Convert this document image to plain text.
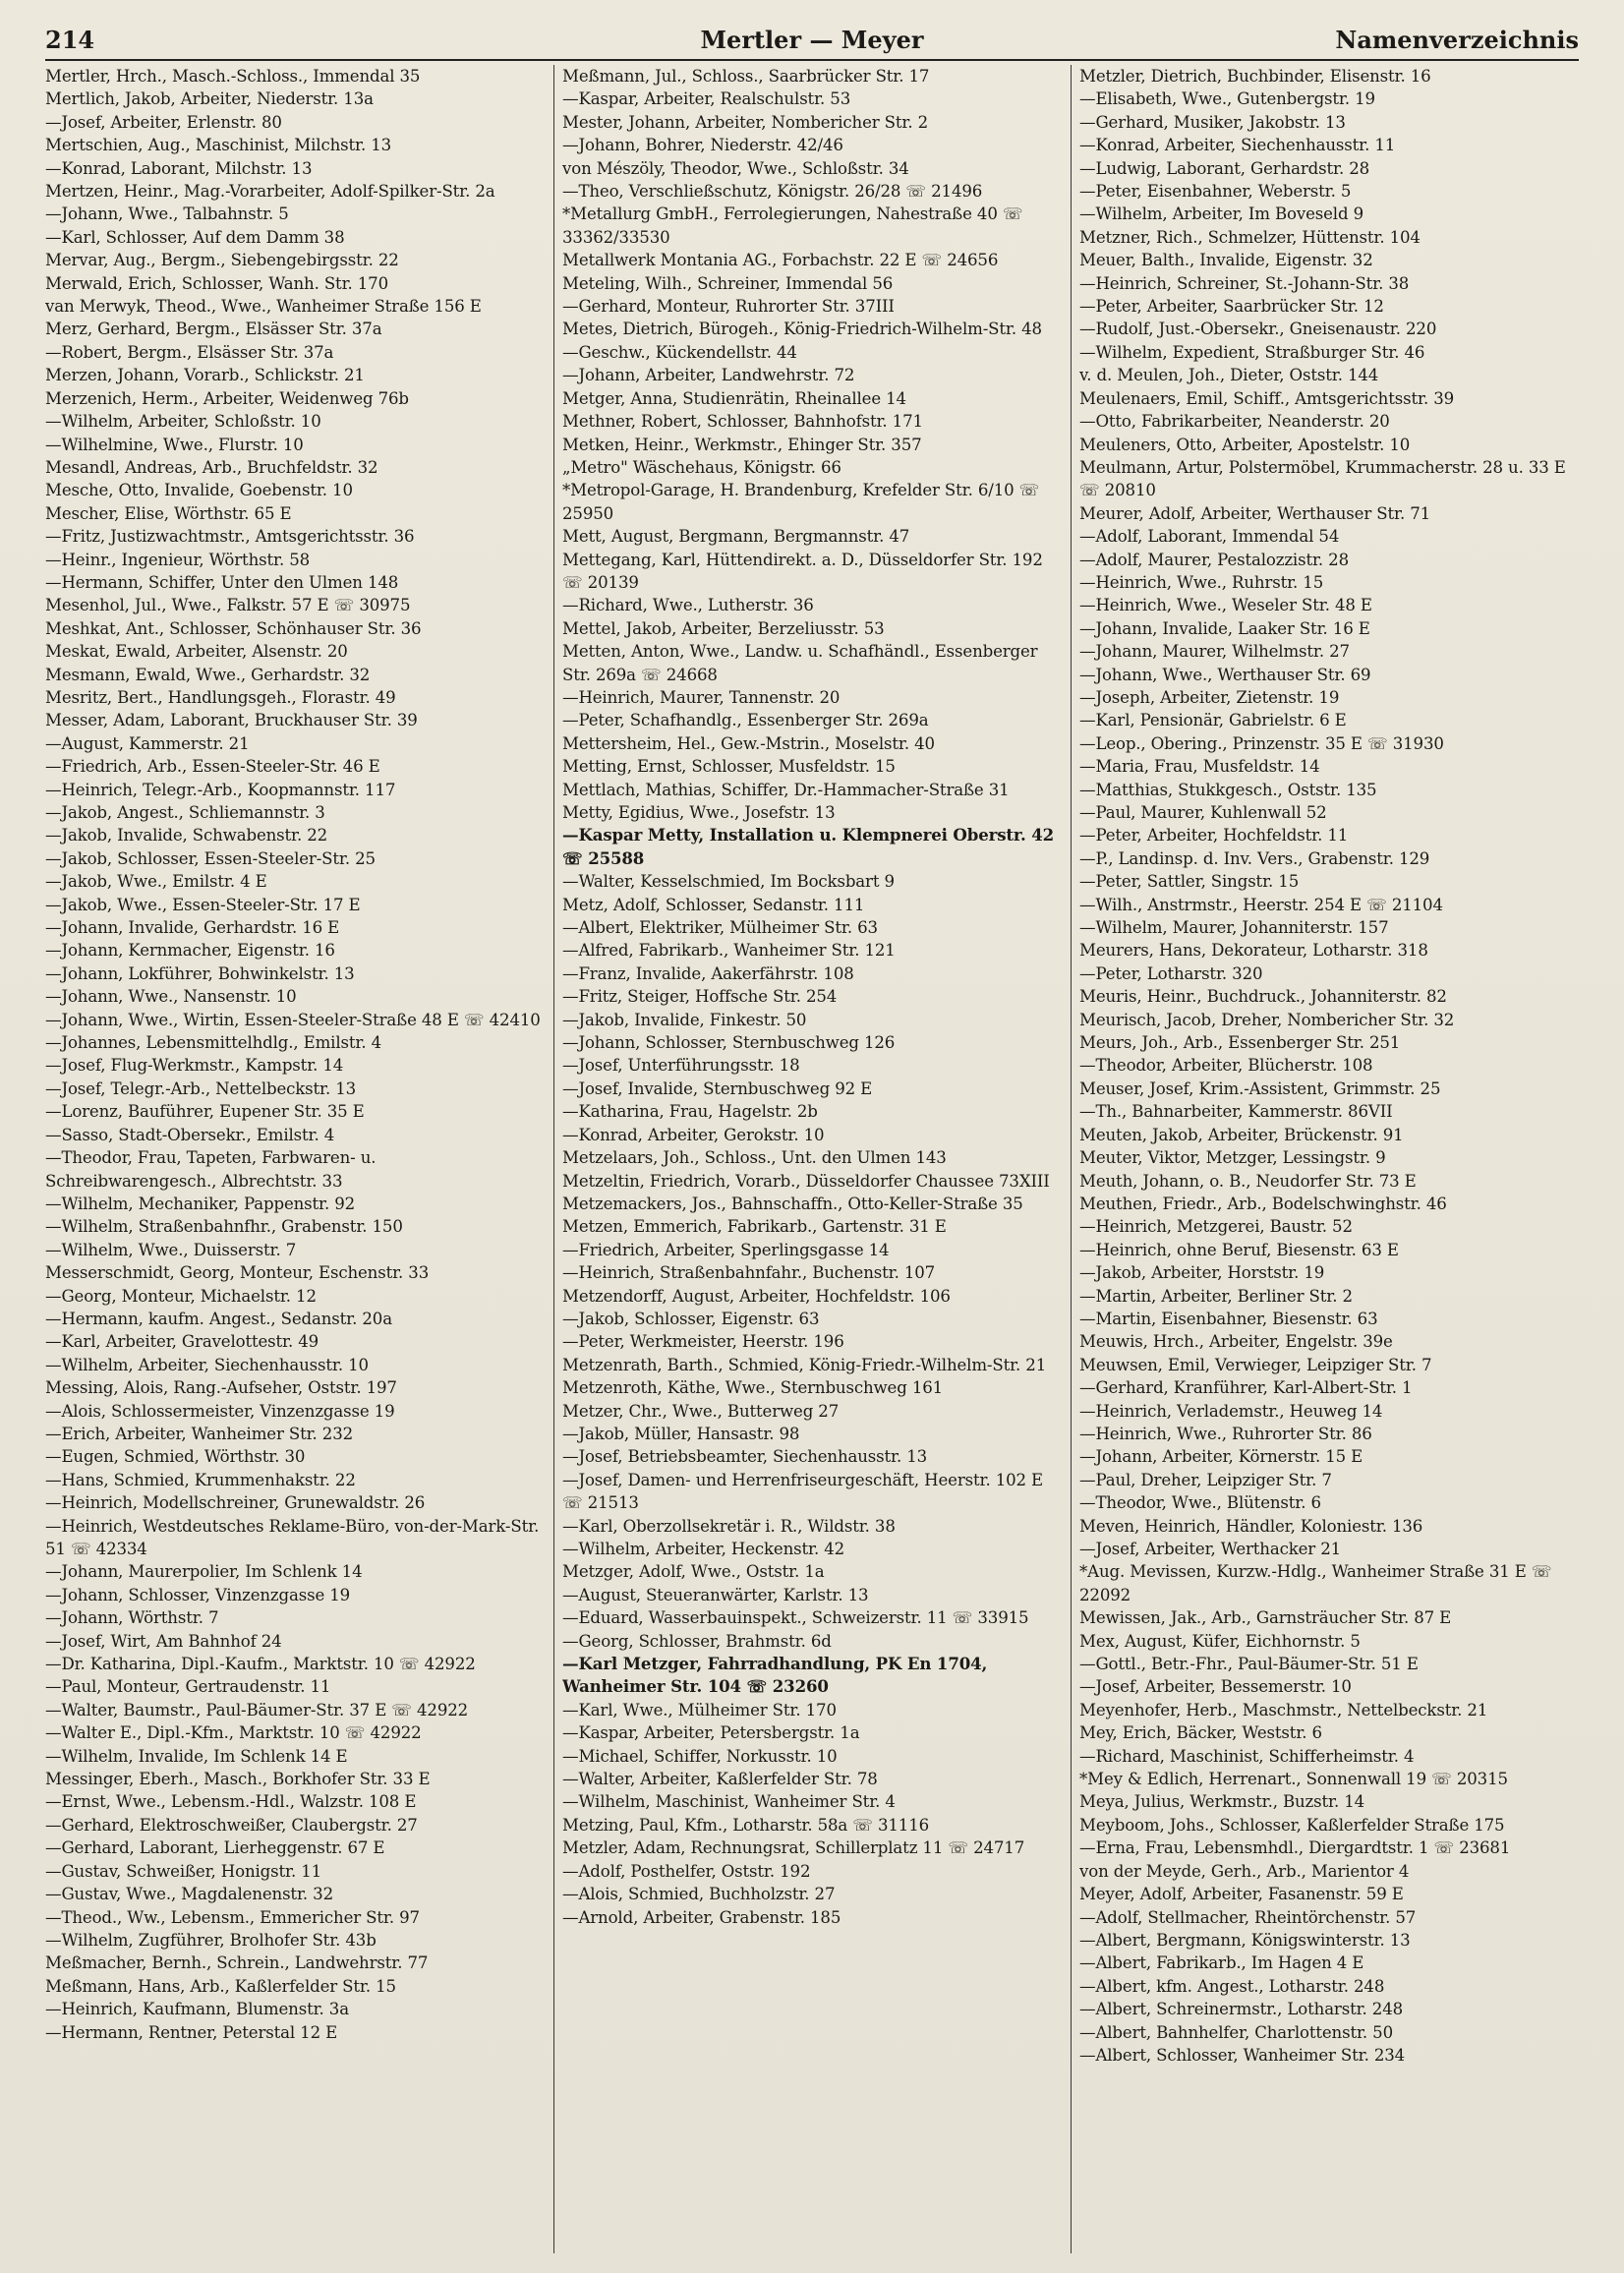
214	Mertler — Meyer	Namenverzeichnis
Mertler, Hrch., Masch.-Schloss., Immendal 35
Mertlich, Jakob, Arbeiter, Niederstr. 13a
—Josef, Arbeiter, Erlenstr. 80
Mertschien, Aug., Maschinist, Milchstr. 13
—Konrad, Laborant, Milchstr. 13
Mertzen, Heinr., Mag.-Vorarbeiter, Adolf-Spilker-Str. 2a
—Johann, Wwe., Talbahnstr. 5
—Karl, Schlosser, Auf dem Damm 38
Mervar, Aug., Bergm., Siebengebirgsstr. 22
Merwald, Erich, Schlosser, Wanh. Str. 170
van Merwyk, Theod., Wwe., Wanheimer Straße 156 E
Merz, Gerhard, Bergm., Elsässer Str. 37a
—Robert, Bergm., Elsässer Str. 37a
Merzen, Johann, Vorarb., Schlickstr. 21
Merzenich, Herm., Arbeiter, Weidenweg 76b
—Wilhelm, Arbeiter, Schloßstr. 10
—Wilhelmine, Wwe., Flurstr. 10
Mesandl, Andreas, Arb., Bruchfeldstr. 32
Mesche, Otto, Invalide, Goebenstr. 10
Mescher, Elise, Wörthstr. 65 E
—Fritz, Justizwachtmstr., Amtsgerichtsstr. 36
—Heinr., Ingenieur, Wörthstr. 58
—Hermann, Schiffer, Unter den Ulmen 148
Mesenhol, Jul., Wwe., Falkstr. 57 E ☏ 30975
Meshkat, Ant., Schlosser, Schönhauser Str. 36
Meskat, Ewald, Arbeiter, Alsenstr. 20
Mesmann, Ewald, Wwe., Gerhardstr. 32
Mesritz, Bert., Handlungsgeh., Florastr. 49
Messer, Adam, Laborant, Bruckhauser Str. 39
—August, Kammerstr. 21
—Friedrich, Arb., Essen-Steeler-Str. 46 E
—Heinrich, Telegr.-Arb., Koopmannstr. 117
—Jakob, Angest., Schliemannstr. 3
—Jakob, Invalide, Schwabenstr. 22
—Jakob, Schlosser, Essen-Steeler-Str. 25
—Jakob, Wwe., Emilstr. 4 E
—Jakob, Wwe., Essen-Steeler-Str. 17 E
—Johann, Invalide, Gerhardstr. 16 E
—Johann, Kernmacher, Eigenstr. 16
—Johann, Lokführer, Bohwinkelstr. 13
—Johann, Wwe., Nansenstr. 10
—Johann, Wwe., Wirtin, Essen-Steeler-Straße 48 E ☏ 42410
—Johannes, Lebensmittelhdlg., Emilstr. 4
—Josef, Flug-Werkmstr., Kampstr. 14
—Josef, Telegr.-Arb., Nettelbeckstr. 13
—Lorenz, Bauführer, Eupener Str. 35 E
—Sasso, Stadt-Obersekr., Emilstr. 4
—Theodor, Frau, Tapeten, Farbwaren- u. Schreibwarengesch., Albrechtstr. 33
—Wilhelm, Mechaniker, Pappenstr. 92
—Wilhelm, Straßenbahnfhr., Grabenstr. 150
—Wilhelm, Wwe., Duisserstr. 7
Messerschmidt, Georg, Monteur, Eschenstr. 33
—Georg, Monteur, Michaelstr. 12
—Hermann, kaufm. Angest., Sedanstr. 20a
—Karl, Arbeiter, Gravelottestr. 49
—Wilhelm, Arbeiter, Siechenhausstr. 10
Messing, Alois, Rang.-Aufseher, Oststr. 197
—Alois, Schlossermeister, Vinzenzgasse 19
—Erich, Arbeiter, Wanheimer Str. 232
—Eugen, Schmied, Wörthstr. 30
—Hans, Schmied, Krummenhakstr. 22
—Heinrich, Modellschreiner, Grunewaldstr. 26
—Heinrich, Westdeutsches Reklame-Büro, von-der-Mark-Str. 51 ☏ 42334
—Johann, Maurerpolier, Im Schlenk 14
—Johann, Schlosser, Vinzenzgasse 19
—Johann, Wörthstr. 7
—Josef, Wirt, Am Bahnhof 24
—Dr. Katharina, Dipl.-Kaufm., Marktstr. 10 ☏ 42922
—Paul, Monteur, Gertraudenstr. 11
—Walter, Baumstr., Paul-Bäumer-Str. 37 E ☏ 42922
—Walter E., Dipl.-Kfm., Marktstr. 10 ☏ 42922
—Wilhelm, Invalide, Im Schlenk 14 E
Messinger, Eberh., Masch., Borkhofer Str. 33 E
—Ernst, Wwe., Lebensm.-Hdl., Walzstr. 108 E
—Gerhard, Elektroschweißer, Claubergstr. 27
—Gerhard, Laborant, Lierheggenstr. 67 E
—Gustav, Schweißer, Honigstr. 11
—Gustav, Wwe., Magdalenenstr. 32
—Theod., Ww., Lebensm., Emmericher Str. 97
—Wilhelm, Zugführer, Brolhofer Str. 43b
Meßmacher, Bernh., Schrein., Landwehrstr. 77
Meßmann, Hans, Arb., Kaßlerfelder Str. 15
—Heinrich, Kaufmann, Blumenstr. 3a
—Hermann, Rentner, Peterstal 12 E
Meßmann, Jul., Schloss., Saarbrücker Str. 17
—Kaspar, Arbeiter, Realschulstr. 53
Mester, Johann, Arbeiter, Nombericher Str. 2
—Johann, Bohrer, Niederstr. 42/46
von Mészöly, Theodor, Wwe., Schloßstr. 34
—Theo, Verschließschutz, Königstr. 26/28 ☏ 21496
*Metallurg GmbH., Ferrolegierungen, Nahestraße 40 ☏ 33362/33530
Metallwerk Montania AG., Forbachstr. 22 E ☏ 24656
Meteling, Wilh., Schreiner, Immendal 56
—Gerhard, Monteur, Ruhrorter Str. 37III
Metes, Dietrich, Bürogeh., König-Friedrich-Wilhelm-Str. 48
—Geschw., Kückendellstr. 44
—Johann, Arbeiter, Landwehrstr. 72
Metger, Anna, Studienrätin, Rheinallee 14
Methner, Robert, Schlosser, Bahnhofstr. 171
Metken, Heinr., Werkmstr., Ehinger Str. 357
„Metro" Wäschehaus, Königstr. 66
*Metropol-Garage, H. Brandenburg, Krefelder Str. 6/10 ☏ 25950
Mett, August, Bergmann, Bergmannstr. 47
Mettegang, Karl, Hüttendirekt. a. D., Düsseldorfer Str. 192 ☏ 20139
—Richard, Wwe., Lutherstr. 36
Mettel, Jakob, Arbeiter, Berzeliusstr. 53
Metten, Anton, Wwe., Landw. u. Schafhändl., Essenberger Str. 269a ☏ 24668
—Heinrich, Maurer, Tannenstr. 20
—Peter, Schafhandlg., Essenberger Str. 269a
Mettersheim, Hel., Gew.-Mstrin., Moselstr. 40
Metting, Ernst, Schlosser, Musfeldstr. 15
Mettlach, Mathias, Schiffer, Dr.-Hammacher-Straße 31
Metty, Egidius, Wwe., Josefstr. 13
—Kaspar Metty, Installation u. Klempnerei Oberstr. 42 ☏ 25588
—Walter, Kesselschmied, Im Bocksbart 9
Metz, Adolf, Schlosser, Sedanstr. 111
—Albert, Elektriker, Mülheimer Str. 63
—Alfred, Fabrikarb., Wanheimer Str. 121
—Franz, Invalide, Aakerfährstr. 108
—Fritz, Steiger, Hoffsche Str. 254
—Jakob, Invalide, Finkestr. 50
—Johann, Schlosser, Sternbuschweg 126
—Josef, Unterführungsstr. 18
—Josef, Invalide, Sternbuschweg 92 E
—Katharina, Frau, Hagelstr. 2b
—Konrad, Arbeiter, Gerokstr. 10
Metzelaars, Joh., Schloss., Unt. den Ulmen 143
Metzeltin, Friedrich, Vorarb., Düsseldorfer Chaussee 73XIII
Metzemackers, Jos., Bahnschaffn., Otto-Keller-Straße 35
Metzen, Emmerich, Fabrikarb., Gartenstr. 31 E
—Friedrich, Arbeiter, Sperlingsgasse 14
—Heinrich, Straßenbahnfahr., Buchenstr. 107
Metzendorff, August, Arbeiter, Hochfeldstr. 106
—Jakob, Schlosser, Eigenstr. 63
—Peter, Werkmeister, Heerstr. 196
Metzenrath, Barth., Schmied, König-Friedr.-Wilhelm-Str. 21
Metzenroth, Käthe, Wwe., Sternbuschweg 161
Metzer, Chr., Wwe., Butterweg 27
—Jakob, Müller, Hansastr. 98
—Josef, Betriebsbeamter, Siechenhausstr. 13
—Josef, Damen- und Herrenfriseurgeschäft, Heerstr. 102 E ☏ 21513
—Karl, Oberzollsekretär i. R., Wildstr. 38
—Wilhelm, Arbeiter, Heckenstr. 42
Metzger, Adolf, Wwe., Oststr. 1a
—August, Steueranwärter, Karlstr. 13
—Eduard, Wasserbauinspekt., Schweizerstr. 11 ☏ 33915
—Georg, Schlosser, Brahmstr. 6d
—Karl Metzger, Fahrradhandlung, PK En 1704, Wanheimer Str. 104 ☏ 23260
—Karl, Wwe., Mülheimer Str. 170
—Kaspar, Arbeiter, Petersbergstr. 1a
—Michael, Schiffer, Norkusstr. 10
—Walter, Arbeiter, Kaßlerfelder Str. 78
—Wilhelm, Maschinist, Wanheimer Str. 4
Metzing, Paul, Kfm., Lotharstr. 58a ☏ 31116
Metzler, Adam, Rechnungsrat, Schillerplatz 11 ☏ 24717
—Adolf, Posthelfer, Oststr. 192
—Alois, Schmied, Buchholzstr. 27
—Arnold, Arbeiter, Grabenstr. 185
Metzler, Dietrich, Buchbinder, Elisenstr. 16
—Elisabeth, Wwe., Gutenbergstr. 19
—Gerhard, Musiker, Jakobstr. 13
—Konrad, Arbeiter, Siechenhausstr. 11
—Ludwig, Laborant, Gerhardstr. 28
—Peter, Eisenbahner, Weberstr. 5
—Wilhelm, Arbeiter, Im Boveseld 9
Metzner, Rich., Schmelzer, Hüttenstr. 104
Meuer, Balth., Invalide, Eigenstr. 32
—Heinrich, Schreiner, St.-Johann-Str. 38
—Peter, Arbeiter, Saarbrücker Str. 12
—Rudolf, Just.-Obersekr., Gneisenaustr. 220
—Wilhelm, Expedient, Straßburger Str. 46
v. d. Meulen, Joh., Dieter, Oststr. 144
Meulenaers, Emil, Schiff., Amtsgerichtsstr. 39
—Otto, Fabrikarbeiter, Neanderstr. 20
Meuleners, Otto, Arbeiter, Apostelstr. 10
Meulmann, Artur, Polstermöbel, Krummacherstr. 28 u. 33 E ☏ 20810
Meurer, Adolf, Arbeiter, Werthauser Str. 71
—Adolf, Laborant, Immendal 54
—Adolf, Maurer, Pestalozzistr. 28
—Heinrich, Wwe., Ruhrstr. 15
—Heinrich, Wwe., Weseler Str. 48 E
—Johann, Invalide, Laaker Str. 16 E
—Johann, Maurer, Wilhelmstr. 27
—Johann, Wwe., Werthauser Str. 69
—Joseph, Arbeiter, Zietenstr. 19
—Karl, Pensionär, Gabrielstr. 6 E
—Leop., Obering., Prinzenstr. 35 E ☏ 31930
—Maria, Frau, Musfeldstr. 14
—Matthias, Stukkgesch., Oststr. 135
—Paul, Maurer, Kuhlenwall 52
—Peter, Arbeiter, Hochfeldstr. 11
—P., Landinsp. d. Inv. Vers., Grabenstr. 129
—Peter, Sattler, Singstr. 15
—Wilh., Anstrmstr., Heerstr. 254 E ☏ 21104
—Wilhelm, Maurer, Johanniterstr. 157
Meurers, Hans, Dekorateur, Lotharstr. 318
—Peter, Lotharstr. 320
Meuris, Heinr., Buchdruck., Johanniterstr. 82
Meurisch, Jacob, Dreher, Nombericher Str. 32
Meurs, Joh., Arb., Essenberger Str. 251
—Theodor, Arbeiter, Blücherstr. 108
Meuser, Josef, Krim.-Assistent, Grimmstr. 25
—Th., Bahnarbeiter, Kammerstr. 86VII
Meuten, Jakob, Arbeiter, Brückenstr. 91
Meuter, Viktor, Metzger, Lessingstr. 9
Meuth, Johann, o. B., Neudorfer Str. 73 E
Meuthen, Friedr., Arb., Bodelschwinghstr. 46
—Heinrich, Metzgerei, Baustr. 52
—Heinrich, ohne Beruf, Biesenstr. 63 E
—Jakob, Arbeiter, Horststr. 19
—Martin, Arbeiter, Berliner Str. 2
—Martin, Eisenbahner, Biesenstr. 63
Meuwis, Hrch., Arbeiter, Engelstr. 39e
Meuwsen, Emil, Verwieger, Leipziger Str. 7
—Gerhard, Kranführer, Karl-Albert-Str. 1
—Heinrich, Verlademstr., Heuweg 14
—Heinrich, Wwe., Ruhrorter Str. 86
—Johann, Arbeiter, Körnerstr. 15 E
—Paul, Dreher, Leipziger Str. 7
—Theodor, Wwe., Blütenstr. 6
Meven, Heinrich, Händler, Koloniestr. 136
—Josef, Arbeiter, Werthacker 21
*Aug. Mevissen, Kurzw.-Hdlg., Wanheimer Straße 31 E ☏ 22092
Mewissen, Jak., Arb., Garnsträucher Str. 87 E
Mex, August, Küfer, Eichhornstr. 5
—Gottl., Betr.-Fhr., Paul-Bäumer-Str. 51 E
—Josef, Arbeiter, Bessemerstr. 10
Meyenhofer, Herb., Maschmstr., Nettelbeckstr. 21
Mey, Erich, Bäcker, Weststr. 6
—Richard, Maschinist, Schifferheimstr. 4
*Mey & Edlich, Herrenart., Sonnenwall 19 ☏ 20315
Meya, Julius, Werkmstr., Buzstr. 14
Meyboom, Johs., Schlosser, Kaßlerfelder Straße 175
—Erna, Frau, Lebensmhdl., Diergardtstr. 1 ☏ 23681
von der Meyde, Gerh., Arb., Marientor 4
Meyer, Adolf, Arbeiter, Fasanenstr. 59 E
—Adolf, Stellmacher, Rheintörchenstr. 57
—Albert, Bergmann, Königswinterstr. 13
—Albert, Fabrikarb., Im Hagen 4 E
—Albert, kfm. Angest., Lotharstr. 248
—Albert, Schreinermstr., Lotharstr. 248
—Albert, Bahnhelfer, Charlottenstr. 50
—Albert, Schlosser, Wanheimer Str. 234
